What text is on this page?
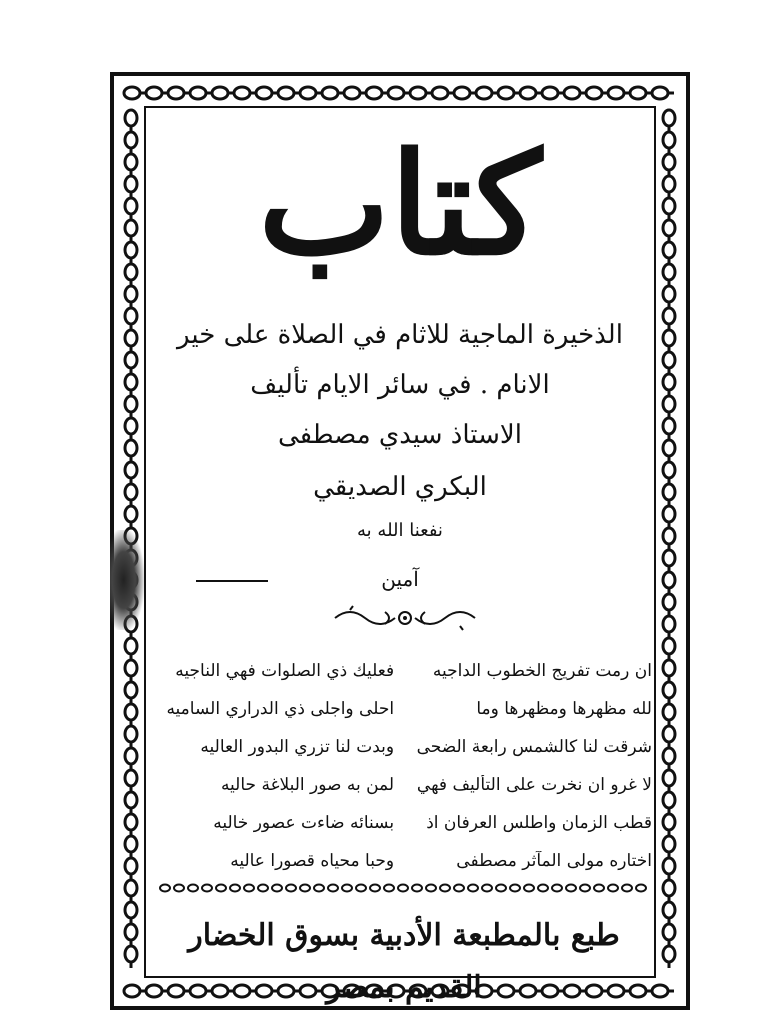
كتاب
الذخيرة الماجية للاثام في الصلاة على خير
الانام . في سائر الايام تأليف
الاستاذ سيدي مصطفى
البكري الصديقي
نفعنا الله به
آمين
ان رمت تفريج الخطوب الداجيه
فعليك ذي الصلوات فهي الناجيه
لله مظهرها ومظهرها وما
احلى واجلى ذي الدراري الساميه
شرقت لنا كالشمس رابعة الضحى
وبدت لنا تزري البدور العاليه
لا غرو ان نخرت على التأليف فهي
لمن به صور البلاغة حاليه
قطب الزمان واطلس العرفان اذ
بسنائه ضاءت عصور خاليه
اختاره مولى المآثر مصطفى
وحبا محياه قصورا عاليه
طبع بالمطبعة الأدبية بسوق الخضار القديم بمصر
